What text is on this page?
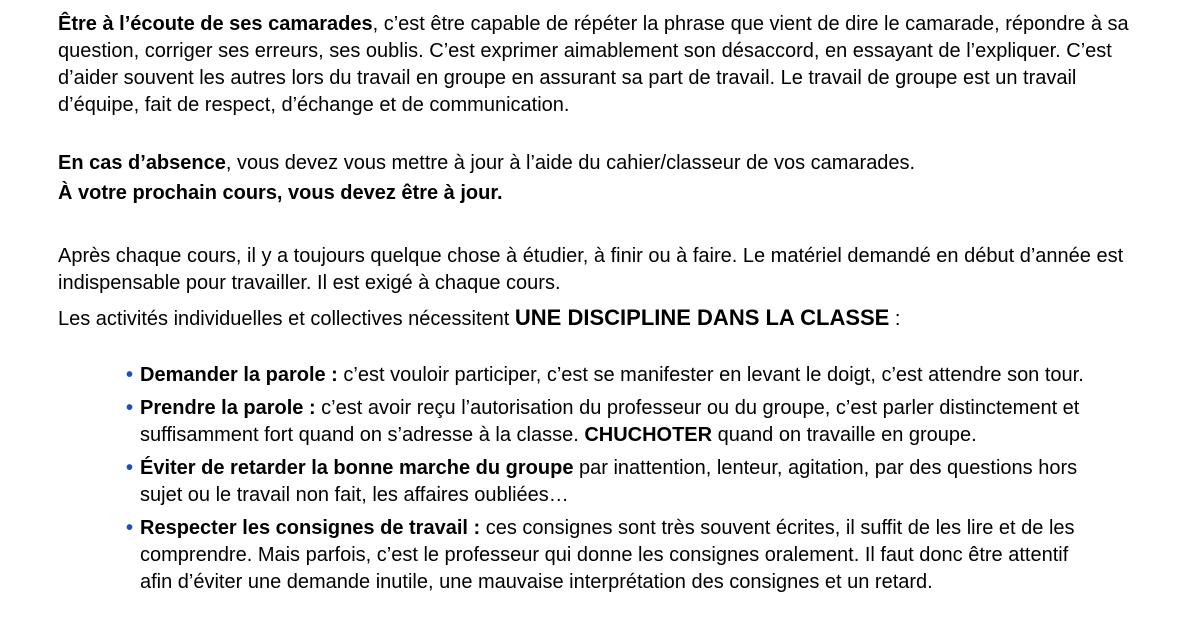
Être à l’écoute de ses camarades, c’est être capable de répéter la phrase que vient de dire le camarade, répondre à sa question, corriger ses erreurs, ses oublis. C’est exprimer aimablement son désaccord, en essayant de l’expliquer. C’est d’aider souvent les autres lors du travail en groupe en assurant sa part de travail. Le travail de groupe est un travail d’équipe, fait de respect, d’échange et de communication.

En cas d’absence, vous devez vous mettre à jour à l’aide du cahier/classeur de vos camarades.

À votre prochain cours, vous devez être à jour.

Après chaque cours, il y a toujours quelque chose à étudier, à finir ou à faire. Le matériel demandé en début d’année est indispensable pour travailler. Il est exigé à chaque cours.

Les activités individuelles et collectives nécessitent UNE DISCIPLINE DANS LA CLASSE :

• Demander la parole : c’est vouloir participer, c’est se manifester en levant le doigt, c’est attendre son tour.
• Prendre la parole : c’est avoir reçu l’autorisation du professeur ou du groupe, c’est parler distinctement et suffisamment fort quand on s’adresse à la classe. CHUCHOTER quand on travaille en groupe.
• Éviter de retarder la bonne marche du groupe par inattention, lenteur, agitation, par des questions hors sujet ou le travail non fait, les affaires oubliées…
• Respecter les consignes de travail : ces consignes sont très souvent écrites, il suffit de les lire et de les comprendre. Mais parfois, c’est le professeur qui donne les consignes oralement. Il faut donc être attentif afin d’éviter une demande inutile, une mauvaise interprétation des consignes et un retard.
